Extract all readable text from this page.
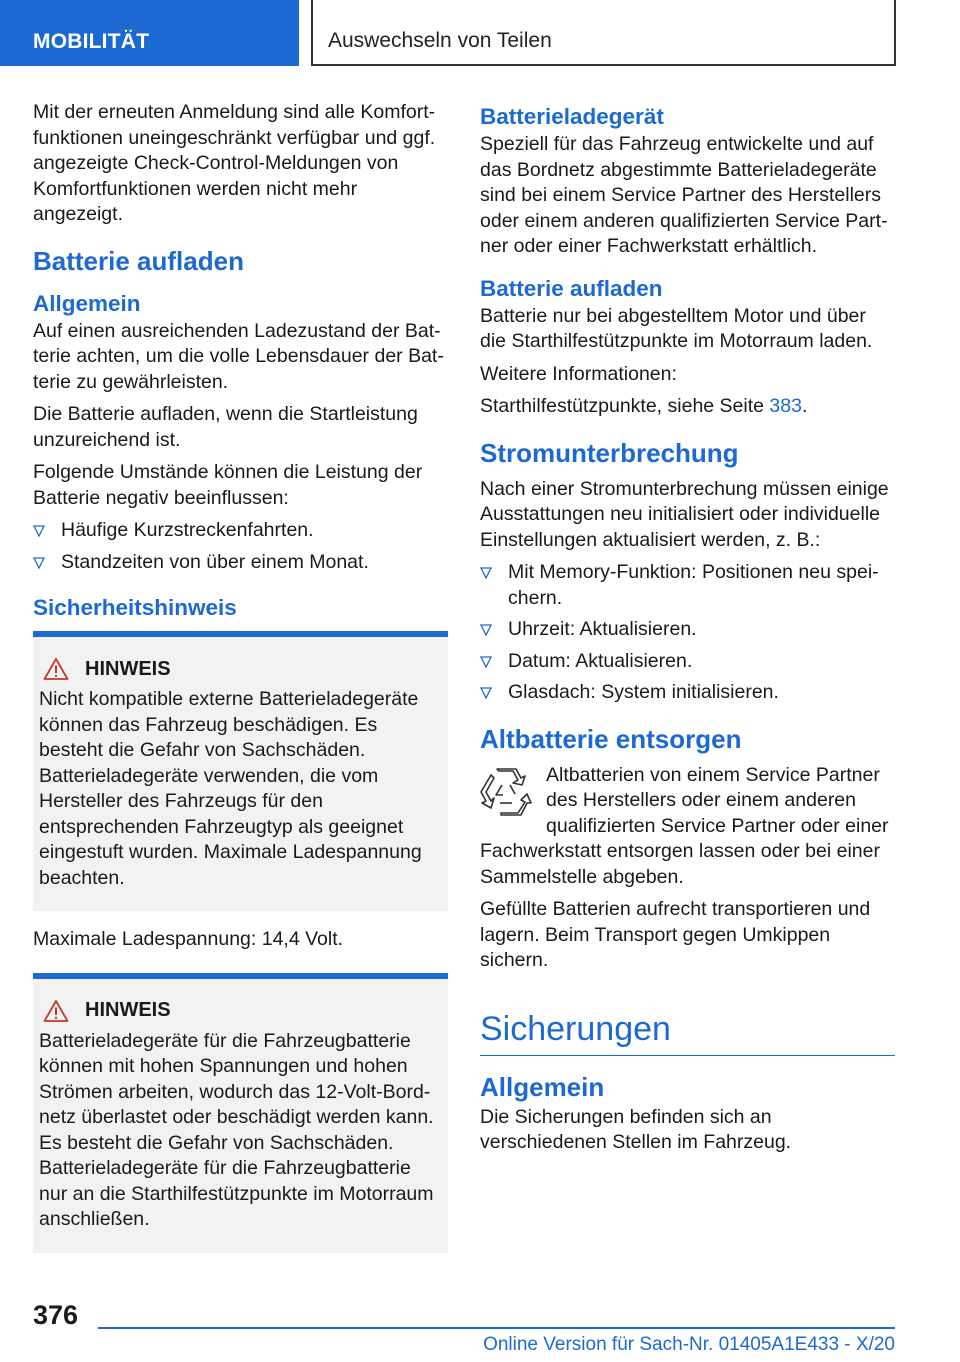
MOBILITÄT	Auswechseln von Teilen

Mit der erneuten Anmeldung sind alle Komfortfunktionen uneingeschränkt verfügbar und ggf. angezeigte Check-Control-Meldungen von Komfortfunktionen werden nicht mehr angezeigt.

Batterie aufladen
Allgemein

Auf einen ausreichenden Ladezustand der Batterie achten, um die volle Lebensdauer der Batterie zu gewährleisten.

Die Batterie aufladen, wenn die Startleistung unzureichend ist.

Folgende Umstände können die Leistung der Batterie negativ beeinflussen:

Häufige Kurzstreckenfahrten.
Standzeiten von über einem Monat.
Sicherheitshinweis
HINWEIS

Nicht kompatible externe Batterieladegeräte können das Fahrzeug beschädigen. Es besteht die Gefahr von Sachschäden. Batterieladegeräte verwenden, die vom Hersteller des Fahrzeugs für den entsprechenden Fahrzeugtyp als geeignet eingestuft wurden. Maximale Ladespannung beachten.

Maximale Ladespannung: 14,4 Volt.

HINWEIS

Batterieladegeräte für die Fahrzeugbatterie können mit hohen Spannungen und hohen Strömen arbeiten, wodurch das 12-Volt-Bordnetz überlastet oder beschädigt werden kann. Es besteht die Gefahr von Sachschäden. Batterieladegeräte für die Fahrzeugbatterie nur an die Starthilfestützpunkte im Motorraum anschließen.

Batterieladegerät

Speziell für das Fahrzeug entwickelte und auf das Bordnetz abgestimmte Batterieladegeräte sind bei einem Service Partner des Herstellers oder einem anderen qualifizierten Service Partner oder einer Fachwerkstatt erhältlich.

Batterie aufladen

Batterie nur bei abgestelltem Motor und über die Starthilfestützpunkte im Motorraum laden.

Weitere Informationen:

Starthilfestützpunkte, siehe Seite 383.

Stromunterbrechung

Nach einer Stromunterbrechung müssen einige Ausstattungen neu initialisiert oder individuelle Einstellungen aktualisiert werden, z. B.:

Mit Memory-Funktion: Positionen neu speichern.
Uhrzeit: Aktualisieren.
Datum: Aktualisieren.
Glasdach: System initialisieren.
Altbatterie entsorgen

Altbatterien von einem Service Partner des Herstellers oder einem anderen qualifizierten Service Partner oder einer Fachwerkstatt entsorgen lassen oder bei einer Sammelstelle abgeben.

Gefüllte Batterien aufrecht transportieren und lagern. Beim Transport gegen Umkippen sichern.

Sicherungen
Allgemein

Die Sicherungen befinden sich an verschiedenen Stellen im Fahrzeug.

376
Online Version für Sach-Nr. 01405A1E433 - X/20
